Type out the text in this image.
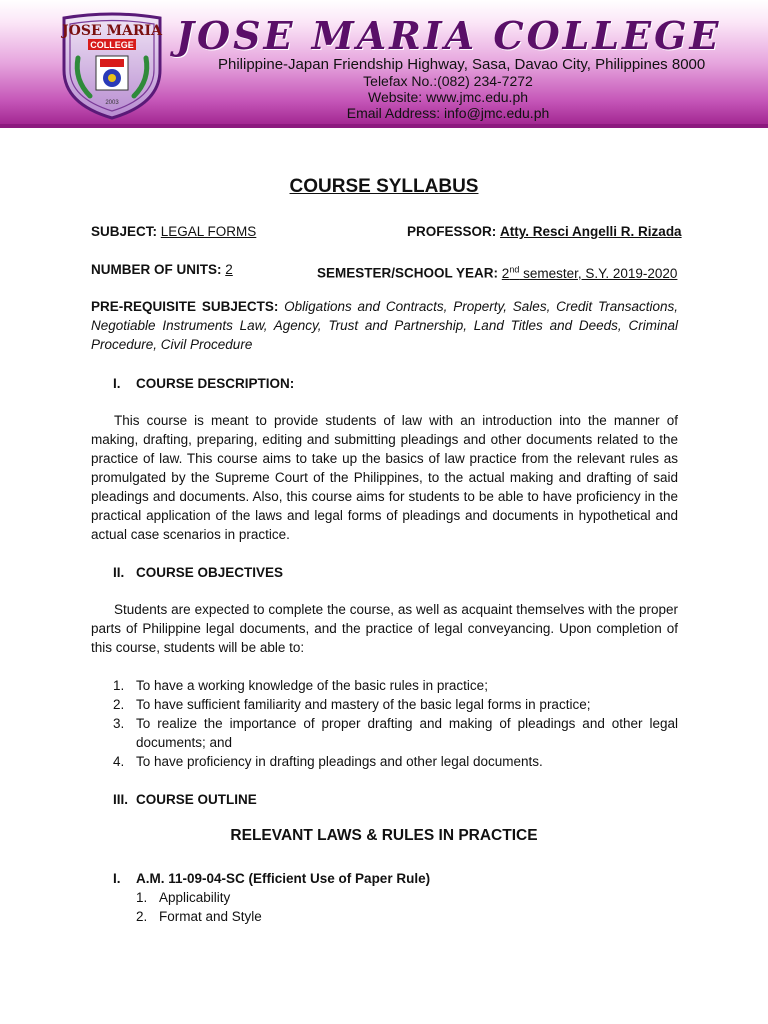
JOSE MARIA
COLLEGE
2003
JOSE MARIA COLLEGE
Philippine-Japan Friendship Highway, Sasa, Davao City, Philippines 8000
Telefax No.:(082) 234-7272
Website: www.jmc.edu.ph
Email Address: info@jmc.edu.ph
COURSE SYLLABUS
SUBJECT: LEGAL FORMS	PROFESSOR: Atty. Resci Angelli R. Rizada
NUMBER OF UNITS: 2	SEMESTER/SCHOOL YEAR: 2nd semester, S.Y. 2019-2020
PRE-REQUISITE SUBJECTS: Obligations and Contracts, Property, Sales, Credit Transactions, Negotiable Instruments Law, Agency, Trust and Partnership, Land Titles and Deeds, Criminal Procedure, Civil Procedure
I. COURSE DESCRIPTION:
This course is meant to provide students of law with an introduction into the manner of making, drafting, preparing, editing and submitting pleadings and other documents related to the practice of law. This course aims to take up the basics of law practice from the relevant rules as promulgated by the Supreme Court of the Philippines, to the actual making and drafting of said pleadings and documents. Also, this course aims for students to be able to have proficiency in the practical application of the laws and legal forms of pleadings and documents in hypothetical and actual case scenarios in practice.
II. COURSE OBJECTIVES
Students are expected to complete the course, as well as acquaint themselves with the proper parts of Philippine legal documents, and the practice of legal conveyancing. Upon completion of this course, students will be able to:
1. To have a working knowledge of the basic rules in practice;
2. To have sufficient familiarity and mastery of the basic legal forms in practice;
3. To realize the importance of proper drafting and making of pleadings and other legal documents; and
4. To have proficiency in drafting pleadings and other legal documents.
III. COURSE OUTLINE
RELEVANT LAWS & RULES IN PRACTICE
I. A.M. 11-09-04-SC (Efficient Use of Paper Rule)
1. Applicability
2. Format and Style
